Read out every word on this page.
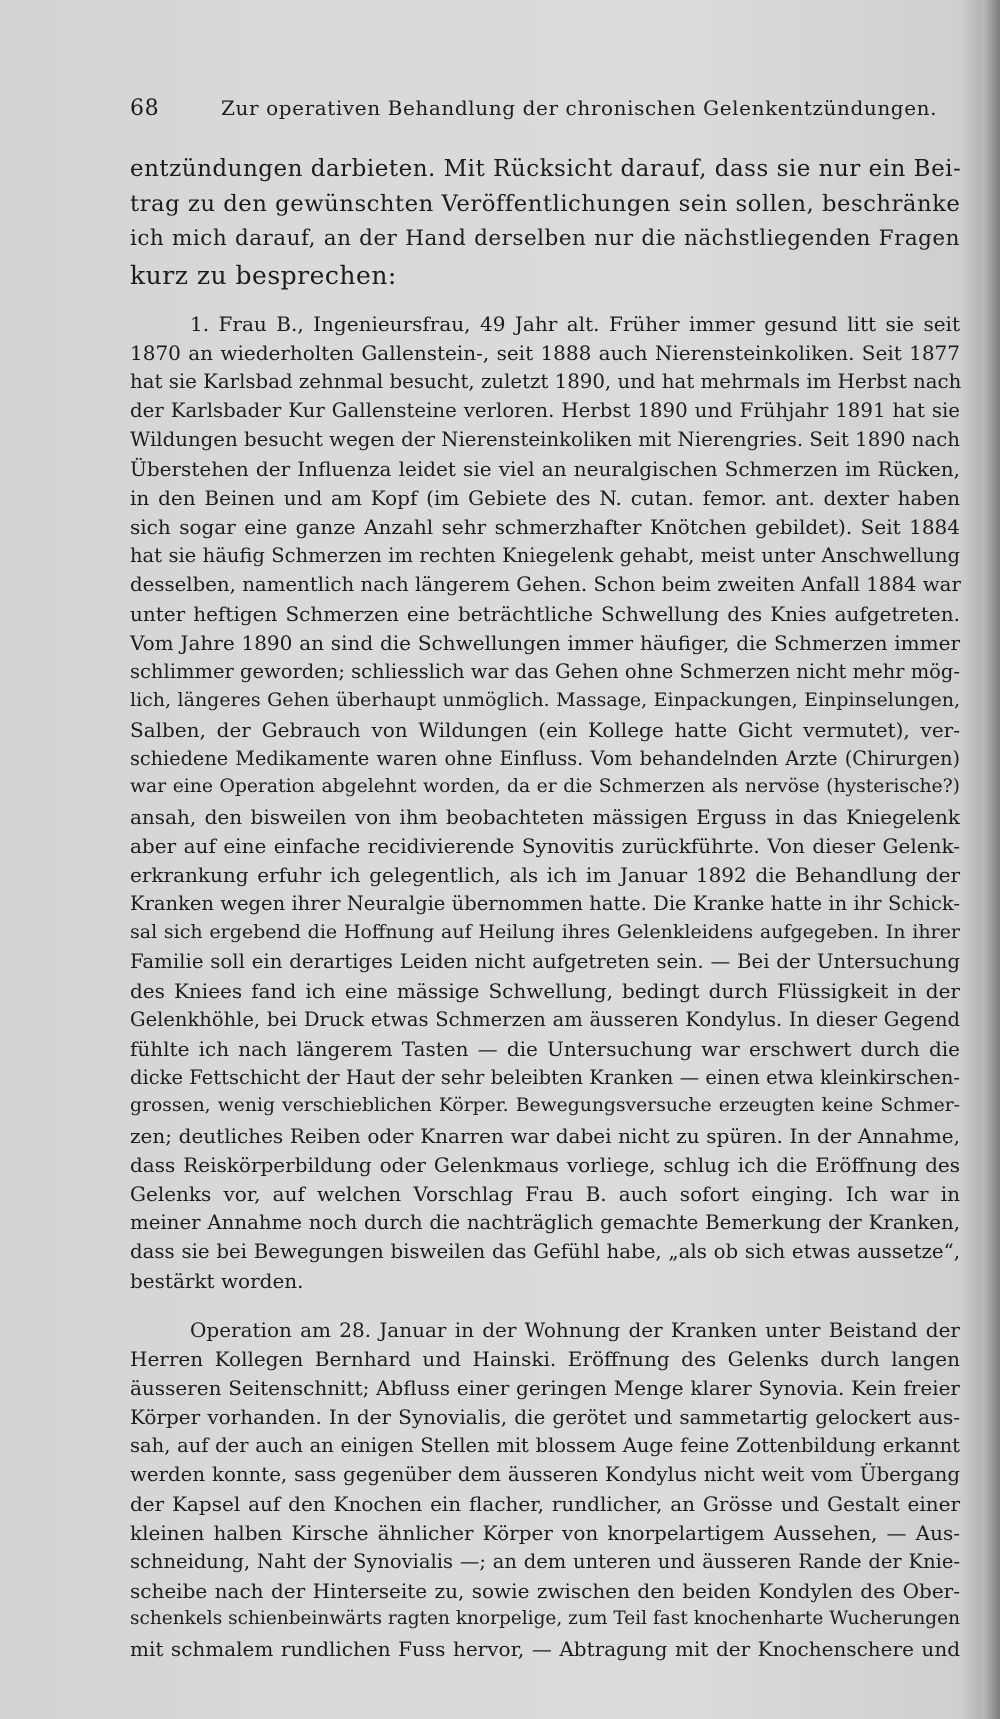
68	Zur operativen Behandlung der chronischen Gelenkentzündungen.
entzündungen darbieten. Mit Rücksicht darauf, dass sie nur ein Bei-
trag zu den gewünschten Veröffentlichungen sein sollen, beschränke
ich mich darauf, an der Hand derselben nur die nächstliegenden Fragen
kurz zu besprechen:
1. Frau B., Ingenieursfrau, 49 Jahr alt. Früher immer gesund litt sie seit
1870 an wiederholten Gallenstein-, seit 1888 auch Nierensteinkoliken. Seit 1877
hat sie Karlsbad zehnmal besucht, zuletzt 1890, und hat mehrmals im Herbst nach
der Karlsbader Kur Gallensteine verloren. Herbst 1890 und Frühjahr 1891 hat sie
Wildungen besucht wegen der Nierensteinkoliken mit Nierengries. Seit 1890 nach
Überstehen der Influenza leidet sie viel an neuralgischen Schmerzen im Rücken,
in den Beinen und am Kopf (im Gebiete des N. cutan. femor. ant. dexter haben
sich sogar eine ganze Anzahl sehr schmerzhafter Knötchen gebildet). Seit 1884
hat sie häufig Schmerzen im rechten Kniegelenk gehabt, meist unter Anschwellung
desselben, namentlich nach längerem Gehen. Schon beim zweiten Anfall 1884 war
unter heftigen Schmerzen eine beträchtliche Schwellung des Knies aufgetreten.
Vom Jahre 1890 an sind die Schwellungen immer häufiger, die Schmerzen immer
schlimmer geworden; schliesslich war das Gehen ohne Schmerzen nicht mehr mög-
lich, längeres Gehen überhaupt unmöglich. Massage, Einpackungen, Einpinselungen,
Salben, der Gebrauch von Wildungen (ein Kollege hatte Gicht vermutet), ver-
schiedene Medikamente waren ohne Einfluss. Vom behandelnden Arzte (Chirurgen)
war eine Operation abgelehnt worden, da er die Schmerzen als nervöse (hysterische?)
ansah, den bisweilen von ihm beobachteten mässigen Erguss in das Kniegelenk
aber auf eine einfache recidivierende Synovitis zurückführte. Von dieser Gelenk-
erkrankung erfuhr ich gelegentlich, als ich im Januar 1892 die Behandlung der
Kranken wegen ihrer Neuralgie übernommen hatte. Die Kranke hatte in ihr Schick-
sal sich ergebend die Hoffnung auf Heilung ihres Gelenkleidens aufgegeben. In ihrer
Familie soll ein derartiges Leiden nicht aufgetreten sein. — Bei der Untersuchung
des Kniees fand ich eine mässige Schwellung, bedingt durch Flüssigkeit in der
Gelenkhöhle, bei Druck etwas Schmerzen am äusseren Kondylus. In dieser Gegend
fühlte ich nach längerem Tasten — die Untersuchung war erschwert durch die
dicke Fettschicht der Haut der sehr beleibten Kranken — einen etwa kleinkirschen-
grossen, wenig verschieblichen Körper. Bewegungsversuche erzeugten keine Schmer-
zen; deutliches Reiben oder Knarren war dabei nicht zu spüren. In der Annahme,
dass Reiskörperbildung oder Gelenkmaus vorliege, schlug ich die Eröffnung des
Gelenks vor, auf welchen Vorschlag Frau B. auch sofort einging. Ich war in
meiner Annahme noch durch die nachträglich gemachte Bemerkung der Kranken,
dass sie bei Bewegungen bisweilen das Gefühl habe, „als ob sich etwas aussetze“,
bestärkt worden.
Operation am 28. Januar in der Wohnung der Kranken unter Beistand der
Herren Kollegen Bernhard und Hainski. Eröffnung des Gelenks durch langen
äusseren Seitenschnitt; Abfluss einer geringen Menge klarer Synovia. Kein freier
Körper vorhanden. In der Synovialis, die gerötet und sammetartig gelockert aus-
sah, auf der auch an einigen Stellen mit blossem Auge feine Zottenbildung erkannt
werden konnte, sass gegenüber dem äusseren Kondylus nicht weit vom Übergang
der Kapsel auf den Knochen ein flacher, rundlicher, an Grösse und Gestalt einer
kleinen halben Kirsche ähnlicher Körper von knorpelartigem Aussehen, — Aus-
schneidung, Naht der Synovialis —; an dem unteren und äusseren Rande der Knie-
scheibe nach der Hinterseite zu, sowie zwischen den beiden Kondylen des Ober-
schenkels schienbeinwärts ragten knorpelige, zum Teil fast knochenharte Wucherungen
mit schmalem rundlichen Fuss hervor, — Abtragung mit der Knochenschere und
